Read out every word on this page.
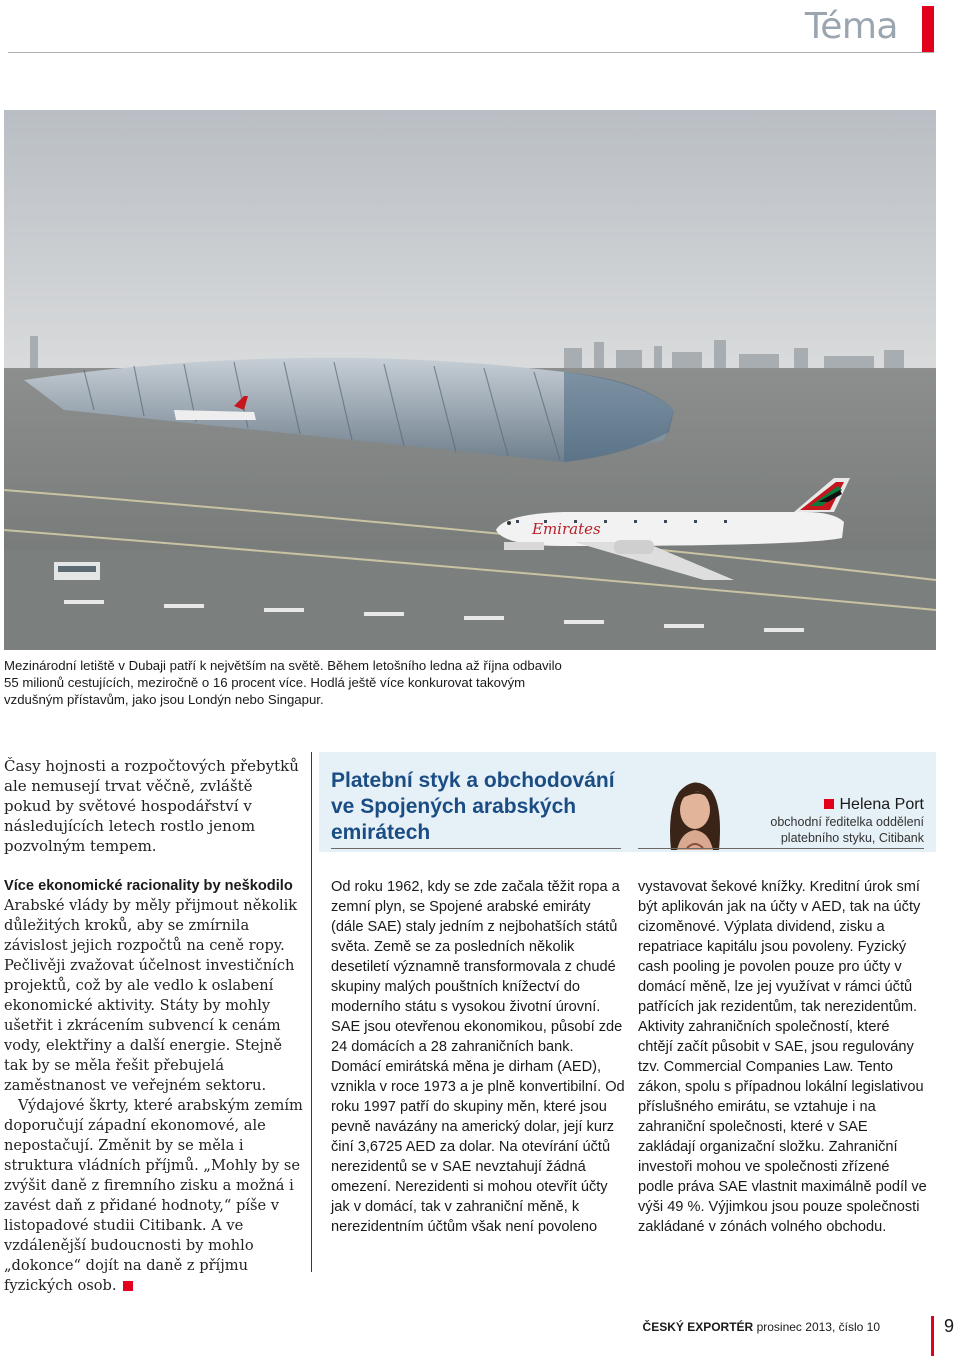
Téma
Emirates
Mezinárodní letiště v Dubaji patří k největším na světě. Během letošního ledna až října odbavilo 55 milionů cestujících, meziročně o 16 procent více. Hodlá ještě více konkurovat takovým vzdušným přístavům, jako jsou Londýn nebo Singapur.
Časy hojnosti a rozpočtových přebytků ale nemusejí trvat věčně, zvláště pokud by světové hospodářství v následujících letech rostlo jenom pozvolným tempem.
Více ekonomické racionality by neškodilo

Arabské vlády by měly přijmout několik důležitých kroků, aby se zmírnila závislost jejich rozpočtů na ceně ropy. Pečlivěji zvažovat účelnost investičních projektů, což by ale vedlo k oslabení ekonomické aktivity. Státy by mohly ušetřit i zkrácením subvencí k cenám vody, elektřiny a další energie. Stejně tak by se měla řešit přebujelá zaměstnanost ve veřejném sektoru.

Výdajové škrty, které arabským zemím doporučují západní ekonomové, ale nepostačují. Změnit by se měla i struktura vládních příjmů. „Mohly by se zvýšit daně z firemního zisku a možná i zavést daň z přidané hodnoty,“ píše v listopadové studii Citibank. A ve vzdálenější budoucnosti by mohlo „dokonce“ dojít na daně z příjmu fyzických osob.

Platební styk a obchodování ve Spojených arabských emirátech
Helena Port
obchodní ředitelka oddělení
platebního styku, Citibank
Od roku 1962, kdy se zde začala těžit ropa a zemní plyn, se Spojené arabské emiráty (dále SAE) staly jedním z nejbohatších států světa. Země se za posledních několik desetiletí významně transformovala z chudé skupiny malých pouštních knížectví do moderního státu s vysokou životní úrovní. SAE jsou otevřenou ekonomikou, působí zde 24 domácích a 28 zahraničních bank. Domácí emirátská měna je dirham (AED), vznikla v roce 1973 a je plně konvertibilní. Od roku 1997 patří do skupiny měn, které jsou pevně navázány na americký dolar, její kurz činí 3,6725 AED za dolar. Na otevírání účtů nerezidentů se v SAE nevztahují žádná omezení. Nerezidenti si mohou otevřít účty jak v domácí, tak v zahraniční měně, k nerezidentním účtům však není povoleno
vystavovat šekové knížky. Kreditní úrok smí být aplikován jak na účty v AED, tak na účty cizoměnové. Výplata dividend, zisku a repatriace kapitálu jsou povoleny. Fyzický cash pooling je povolen pouze pro účty v domácí měně, lze jej využívat v rámci účtů patřících jak rezidentům, tak nerezidentům. Aktivity zahraničních společností, které chtějí začít působit v SAE, jsou regulovány tzv. Commercial Companies Law. Tento zákon, spolu s případnou lokální legislativou příslušného emirátu, se vztahuje i na zahraniční společnosti, které v SAE zakládají organizační složku. Zahraniční investoři mohou ve společnosti zřízené podle práva SAE vlastnit maximálně podíl ve výši 49 %. Výjimkou jsou pouze společnosti zakládané v zónách volného obchodu.
ČESKÝ EXPORTÉR prosinec 2013, číslo 10	9
